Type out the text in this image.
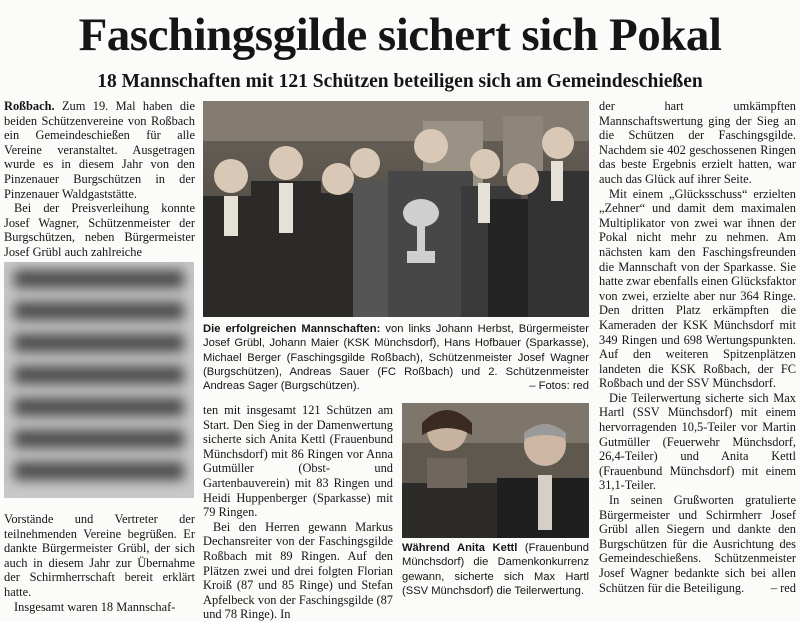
Faschingsgilde sichert sich Pokal
18 Mannschaften mit 121 Schützen beteiligen sich am Gemeindeschießen

Roßbach. Zum 19. Mal haben die beiden Schützenvereine von Roßbach ein Gemeindeschießen für alle Vereine veranstaltet. Ausgetragen wurde es in diesem Jahr von den Pinzenauer Burgschützen in der Pinzenauer Waldgaststätte.

Bei der Preisverleihung konnte Josef Wagner, Schützenmeister der Burgschützen, neben Bürgermeister Josef Grübl auch zahlreiche

Vorstände und Vertreter der teilnehmenden Vereine begrüßen. Er dankte Bürgermeister Grübl, der sich auch in diesem Jahr zur Übernahme der Schirmherrschaft bereit erklärt hatte.

Insgesamt waren 18 Mannschaf-

Die erfolgreichen Mannschaften: von links Johann Herbst, Bürgermeister Josef Grübl, Johann Maier (KSK Münchsdorf), Hans Hofbauer (Sparkasse), Michael Berger (Faschingsgilde Roßbach), Schützenmeister Josef Wagner (Burgschützen), Andreas Sauer (FC Roßbach) und 2. Schützenmeister Andreas Sager (Burgschützen).	– Fotos: red

ten mit insgesamt 121 Schützen am Start. Den Sieg in der Damenwertung sicherte sich Anita Kettl (Frauenbund Münchsdorf) mit 86 Ringen vor Anna Gutmüller (Obst- und Gartenbauverein) mit 83 Ringen und Heidi Huppenberger (Sparkasse) mit 79 Ringen.

Bei den Herren gewann Markus Dechansreiter von der Faschingsgilde Roßbach mit 89 Ringen. Auf den Plätzen zwei und drei folgten Florian Kroiß (87 und 85 Ringe) und Stefan Apfelbeck von der Faschingsgilde (87 und 78 Ringe). In

Während Anita Kettl (Frauenbund Münchsdorf) die Damenkonkurrenz gewann, sicherte sich Max Hartl (SSV Münchsdorf) die Teilerwertung.

der hart umkämpften Mannschaftswertung ging der Sieg an die Schützen der Faschingsgilde. Nachdem sie 402 geschossenen Ringen das beste Ergebnis erzielt hatten, war auch das Glück auf ihrer Seite.

Mit einem „Glücksschuss“ erzielten „Zehner“ und damit dem maximalen Multiplikator von zwei war ihnen der Pokal nicht mehr zu nehmen. Am nächsten kam den Faschingsfreunden die Mannschaft von der Sparkasse. Sie hatte zwar ebenfalls einen Glücksfaktor von zwei, erzielte aber nur 364 Ringe. Den dritten Platz erkämpften die Kameraden der KSK Münchsdorf mit 349 Ringen und 698 Wertungspunkten. Auf den weiteren Spitzenplätzen landeten die KSK Roßbach, der FC Roßbach und der SSV Münchsdorf.

Die Teilerwertung sicherte sich Max Hartl (SSV Münchsdorf) mit einem hervorragenden 10,5-Teiler vor Martin Gutmüller (Feuerwehr Münchsdorf, 26,4-Teiler) und Anita Kettl (Frauenbund Münchsdorf) mit einem 31,1-Teiler.

In seinen Grußworten gratulierte Bürgermeister und Schirmherr Josef Grübl allen Siegern und dankte den Burgschützen für die Ausrichtung des Gemeindeschießens. Schützenmeister Josef Wagner bedankte sich bei allen Schützen für die Beteiligung.	– red
